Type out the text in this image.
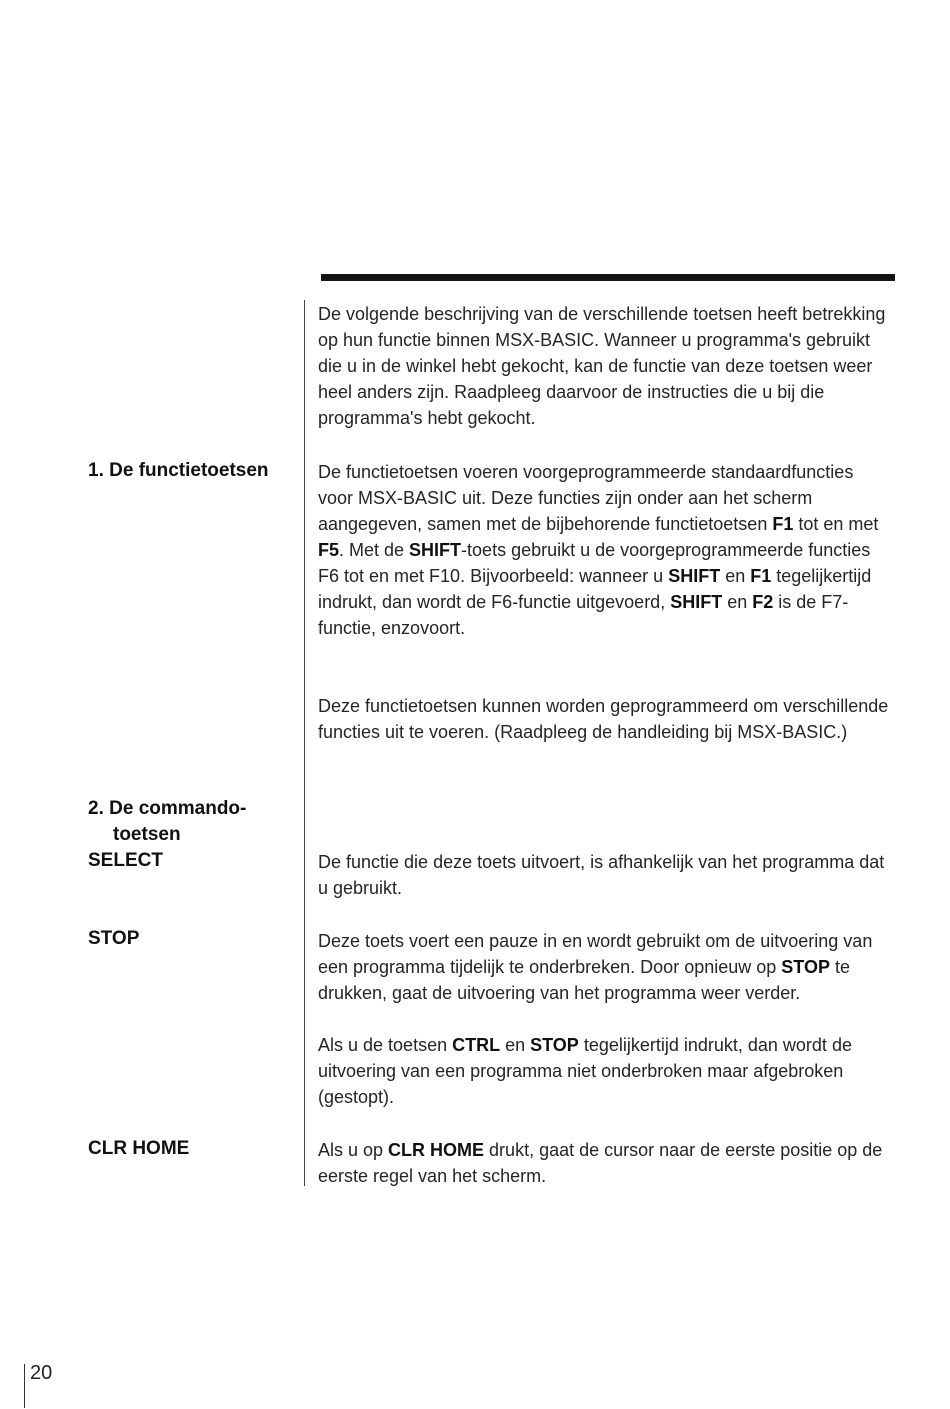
De volgende beschrijving van de verschillende toetsen heeft betrekking op hun functie binnen MSX-BASIC. Wanneer u programma's gebruikt die u in de winkel hebt gekocht, kan de functie van deze toetsen weer heel anders zijn. Raadpleeg daarvoor de instructies die u bij die programma's hebt gekocht.

1. De functietoetsen	De functietoetsen voeren voorgeprogrammeerde standaardfuncties voor MSX-BASIC uit. Deze functies zijn onder aan het scherm aangegeven, samen met de bijbehorende functietoetsen F1 tot en met F5. Met de SHIFT-toets gebruikt u de voorgeprogrammeerde functies F6 tot en met F10. Bijvoorbeeld: wanneer u SHIFT en F1 tegelijkertijd indrukt, dan wordt de F6-functie uitgevoerd, SHIFT en F2 is de F7-functie, enzovoort.

Deze functietoetsen kunnen worden geprogrammeerd om verschillende functies uit te voeren. (Raadpleeg de handleiding bij MSX-BASIC.)

2. De commando-
toetsen
SELECT	De functie die deze toets uitvoert, is afhankelijk van het programma dat u gebruikt.

STOP	Deze toets voert een pauze in en wordt gebruikt om de uitvoering van een programma tijdelijk te onderbreken. Door opnieuw op STOP te drukken, gaat de uitvoering van het programma weer verder.

Als u de toetsen CTRL en STOP tegelijkertijd indrukt, dan wordt de uitvoering van een programma niet onderbroken maar afgebroken (gestopt).

CLR HOME	Als u op CLR HOME drukt, gaat de cursor naar de eerste positie op de eerste regel van het scherm.

20
